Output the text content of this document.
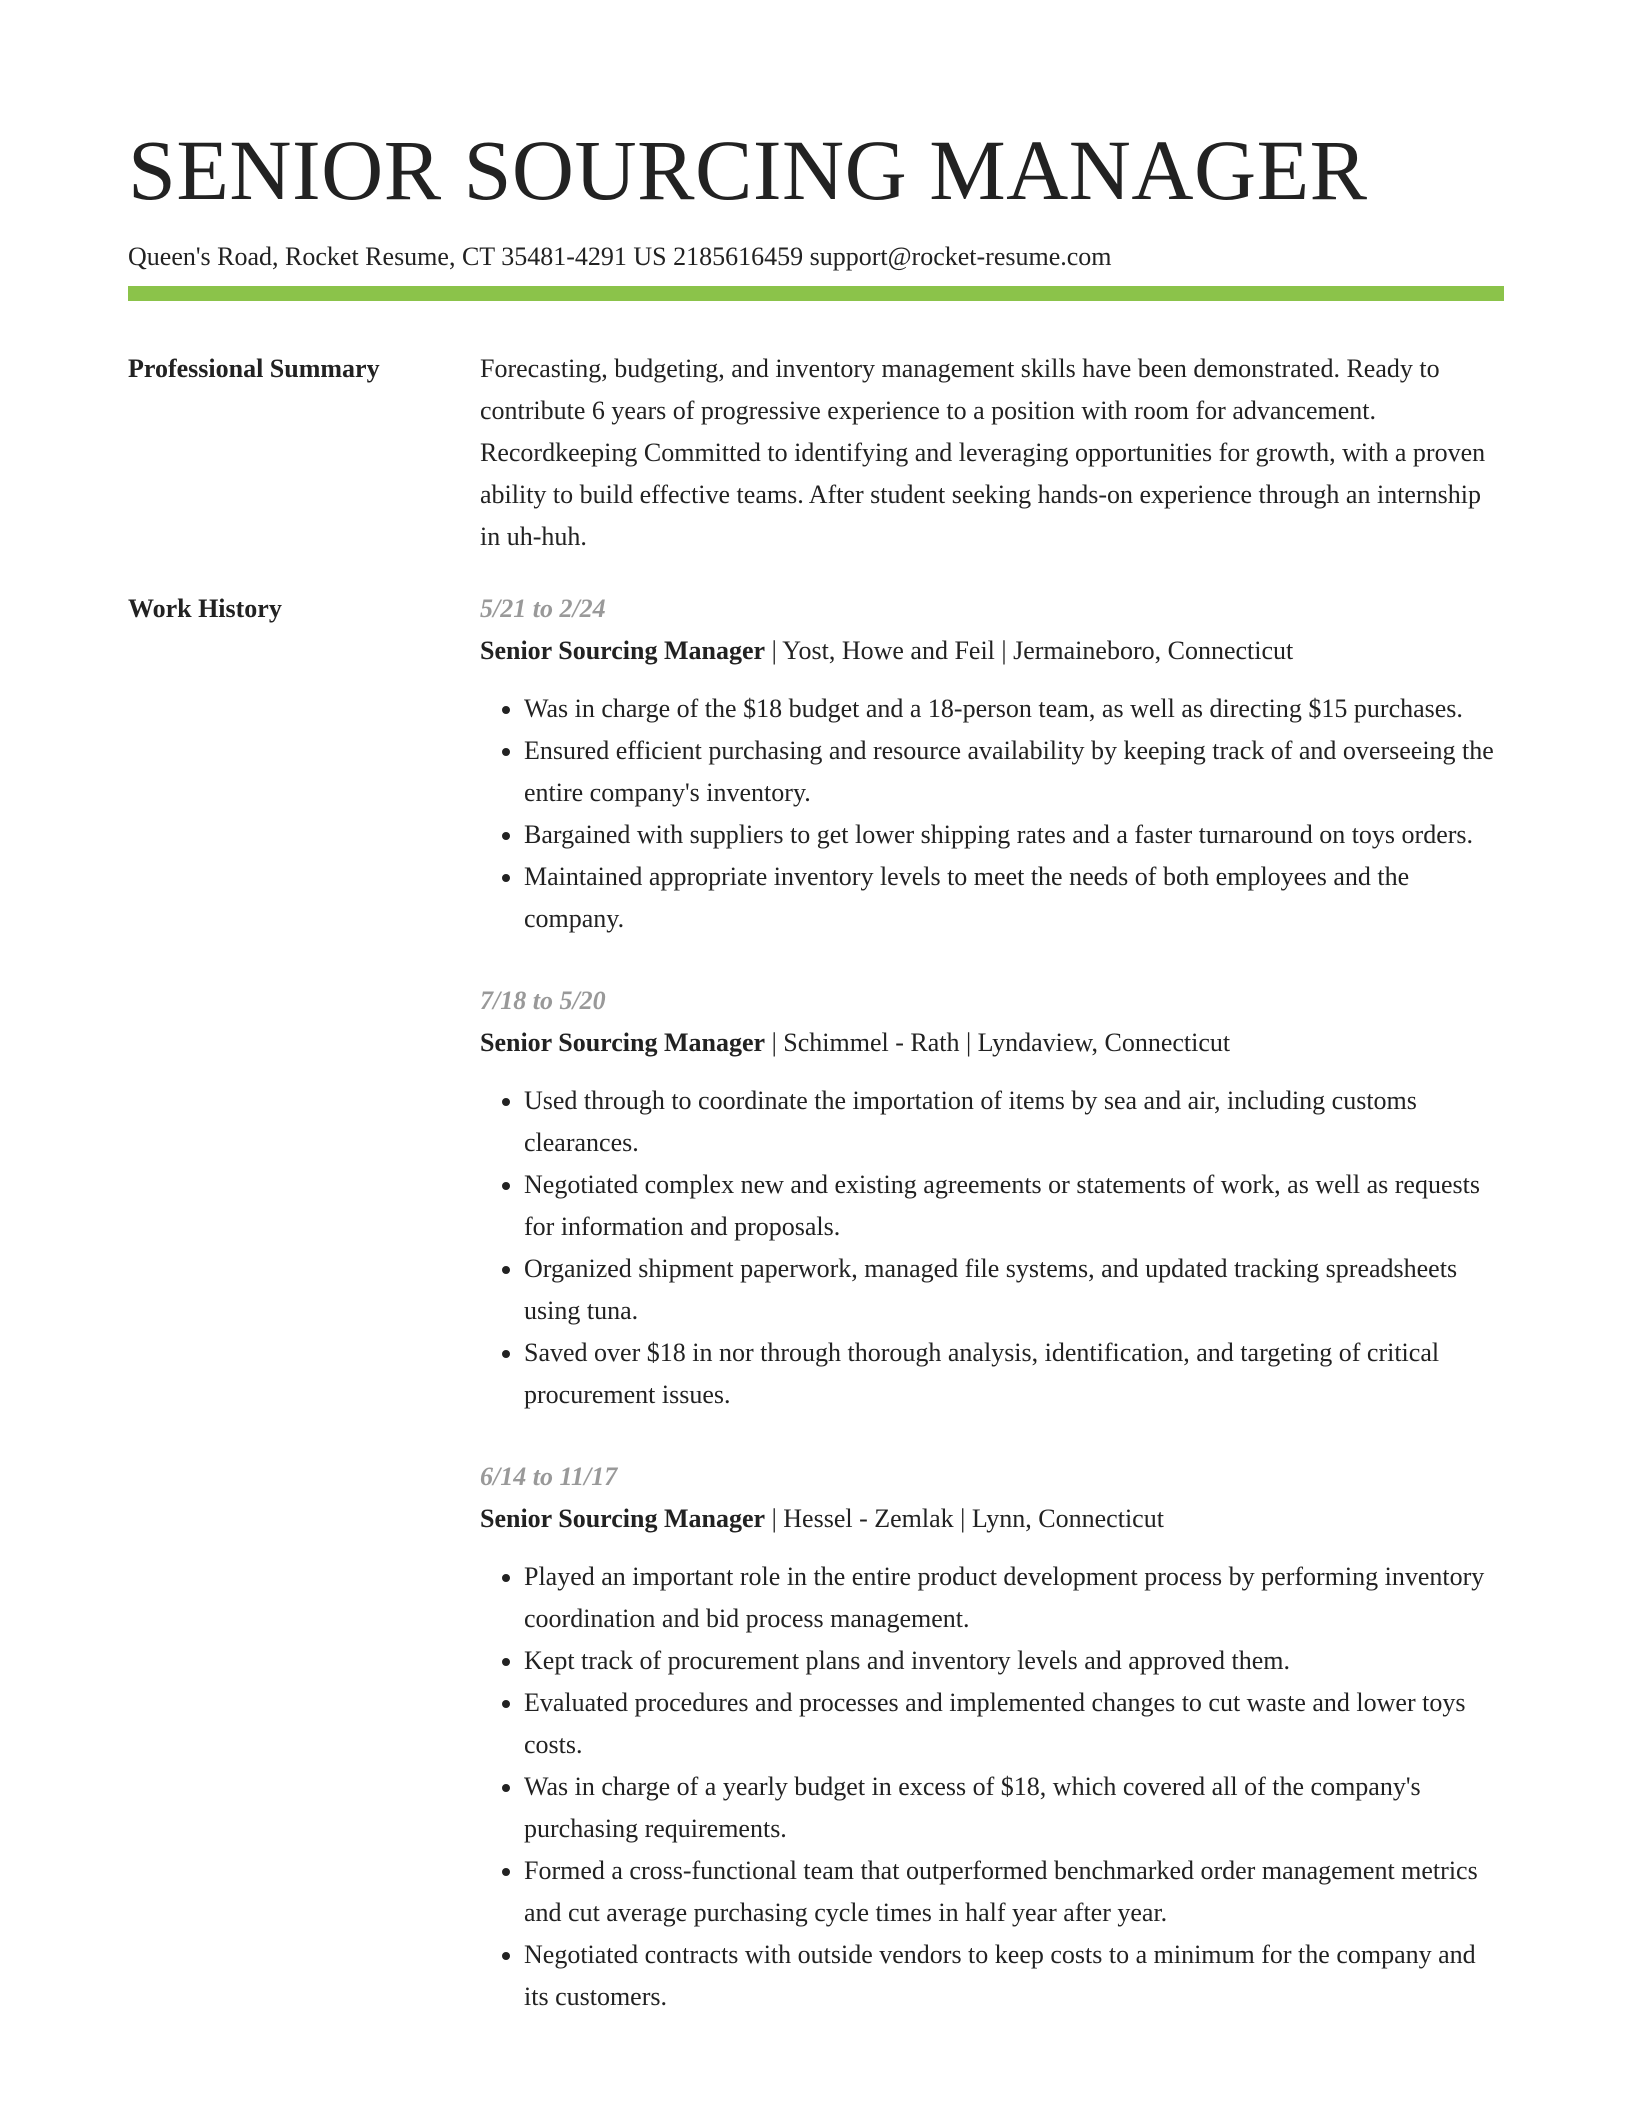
SENIOR SOURCING MANAGER
Queen's Road, Rocket Resume, CT 35481-4291 US 2185616459 support@rocket-resume.com
Professional Summary	Forecasting, budgeting, and inventory management skills have been demonstrated. Ready to contribute 6 years of progressive experience to a position with room for advancement. Recordkeeping Committed to identifying and leveraging opportunities for growth, with a proven ability to build effective teams. After student seeking hands-on experience through an internship in uh-huh.

Work History	5/21 to 2/24
Senior Sourcing Manager | Yost, Howe and Feil | Jermaineboro, Connecticut
• Was in charge of the $18 budget and a 18-person team, as well as directing $15 purchases.
• Ensured efficient purchasing and resource availability by keeping track of and overseeing the entire company's inventory.
• Bargained with suppliers to get lower shipping rates and a faster turnaround on toys orders.
• Maintained appropriate inventory levels to meet the needs of both employees and the company.
7/18 to 5/20
Senior Sourcing Manager | Schimmel - Rath | Lyndaview, Connecticut
• Used through to coordinate the importation of items by sea and air, including customs clearances.
• Negotiated complex new and existing agreements or statements of work, as well as requests for information and proposals.
• Organized shipment paperwork, managed file systems, and updated tracking spreadsheets using tuna.
• Saved over $18 in nor through thorough analysis, identification, and targeting of critical procurement issues.
6/14 to 11/17
Senior Sourcing Manager | Hessel - Zemlak | Lynn, Connecticut
• Played an important role in the entire product development process by performing inventory coordination and bid process management.
• Kept track of procurement plans and inventory levels and approved them.
• Evaluated procedures and processes and implemented changes to cut waste and lower toys costs.
• Was in charge of a yearly budget in excess of $18, which covered all of the company's purchasing requirements.
• Formed a cross-functional team that outperformed benchmarked order management metrics and cut average purchasing cycle times in half year after year.
• Negotiated contracts with outside vendors to keep costs to a minimum for the company and its customers.
